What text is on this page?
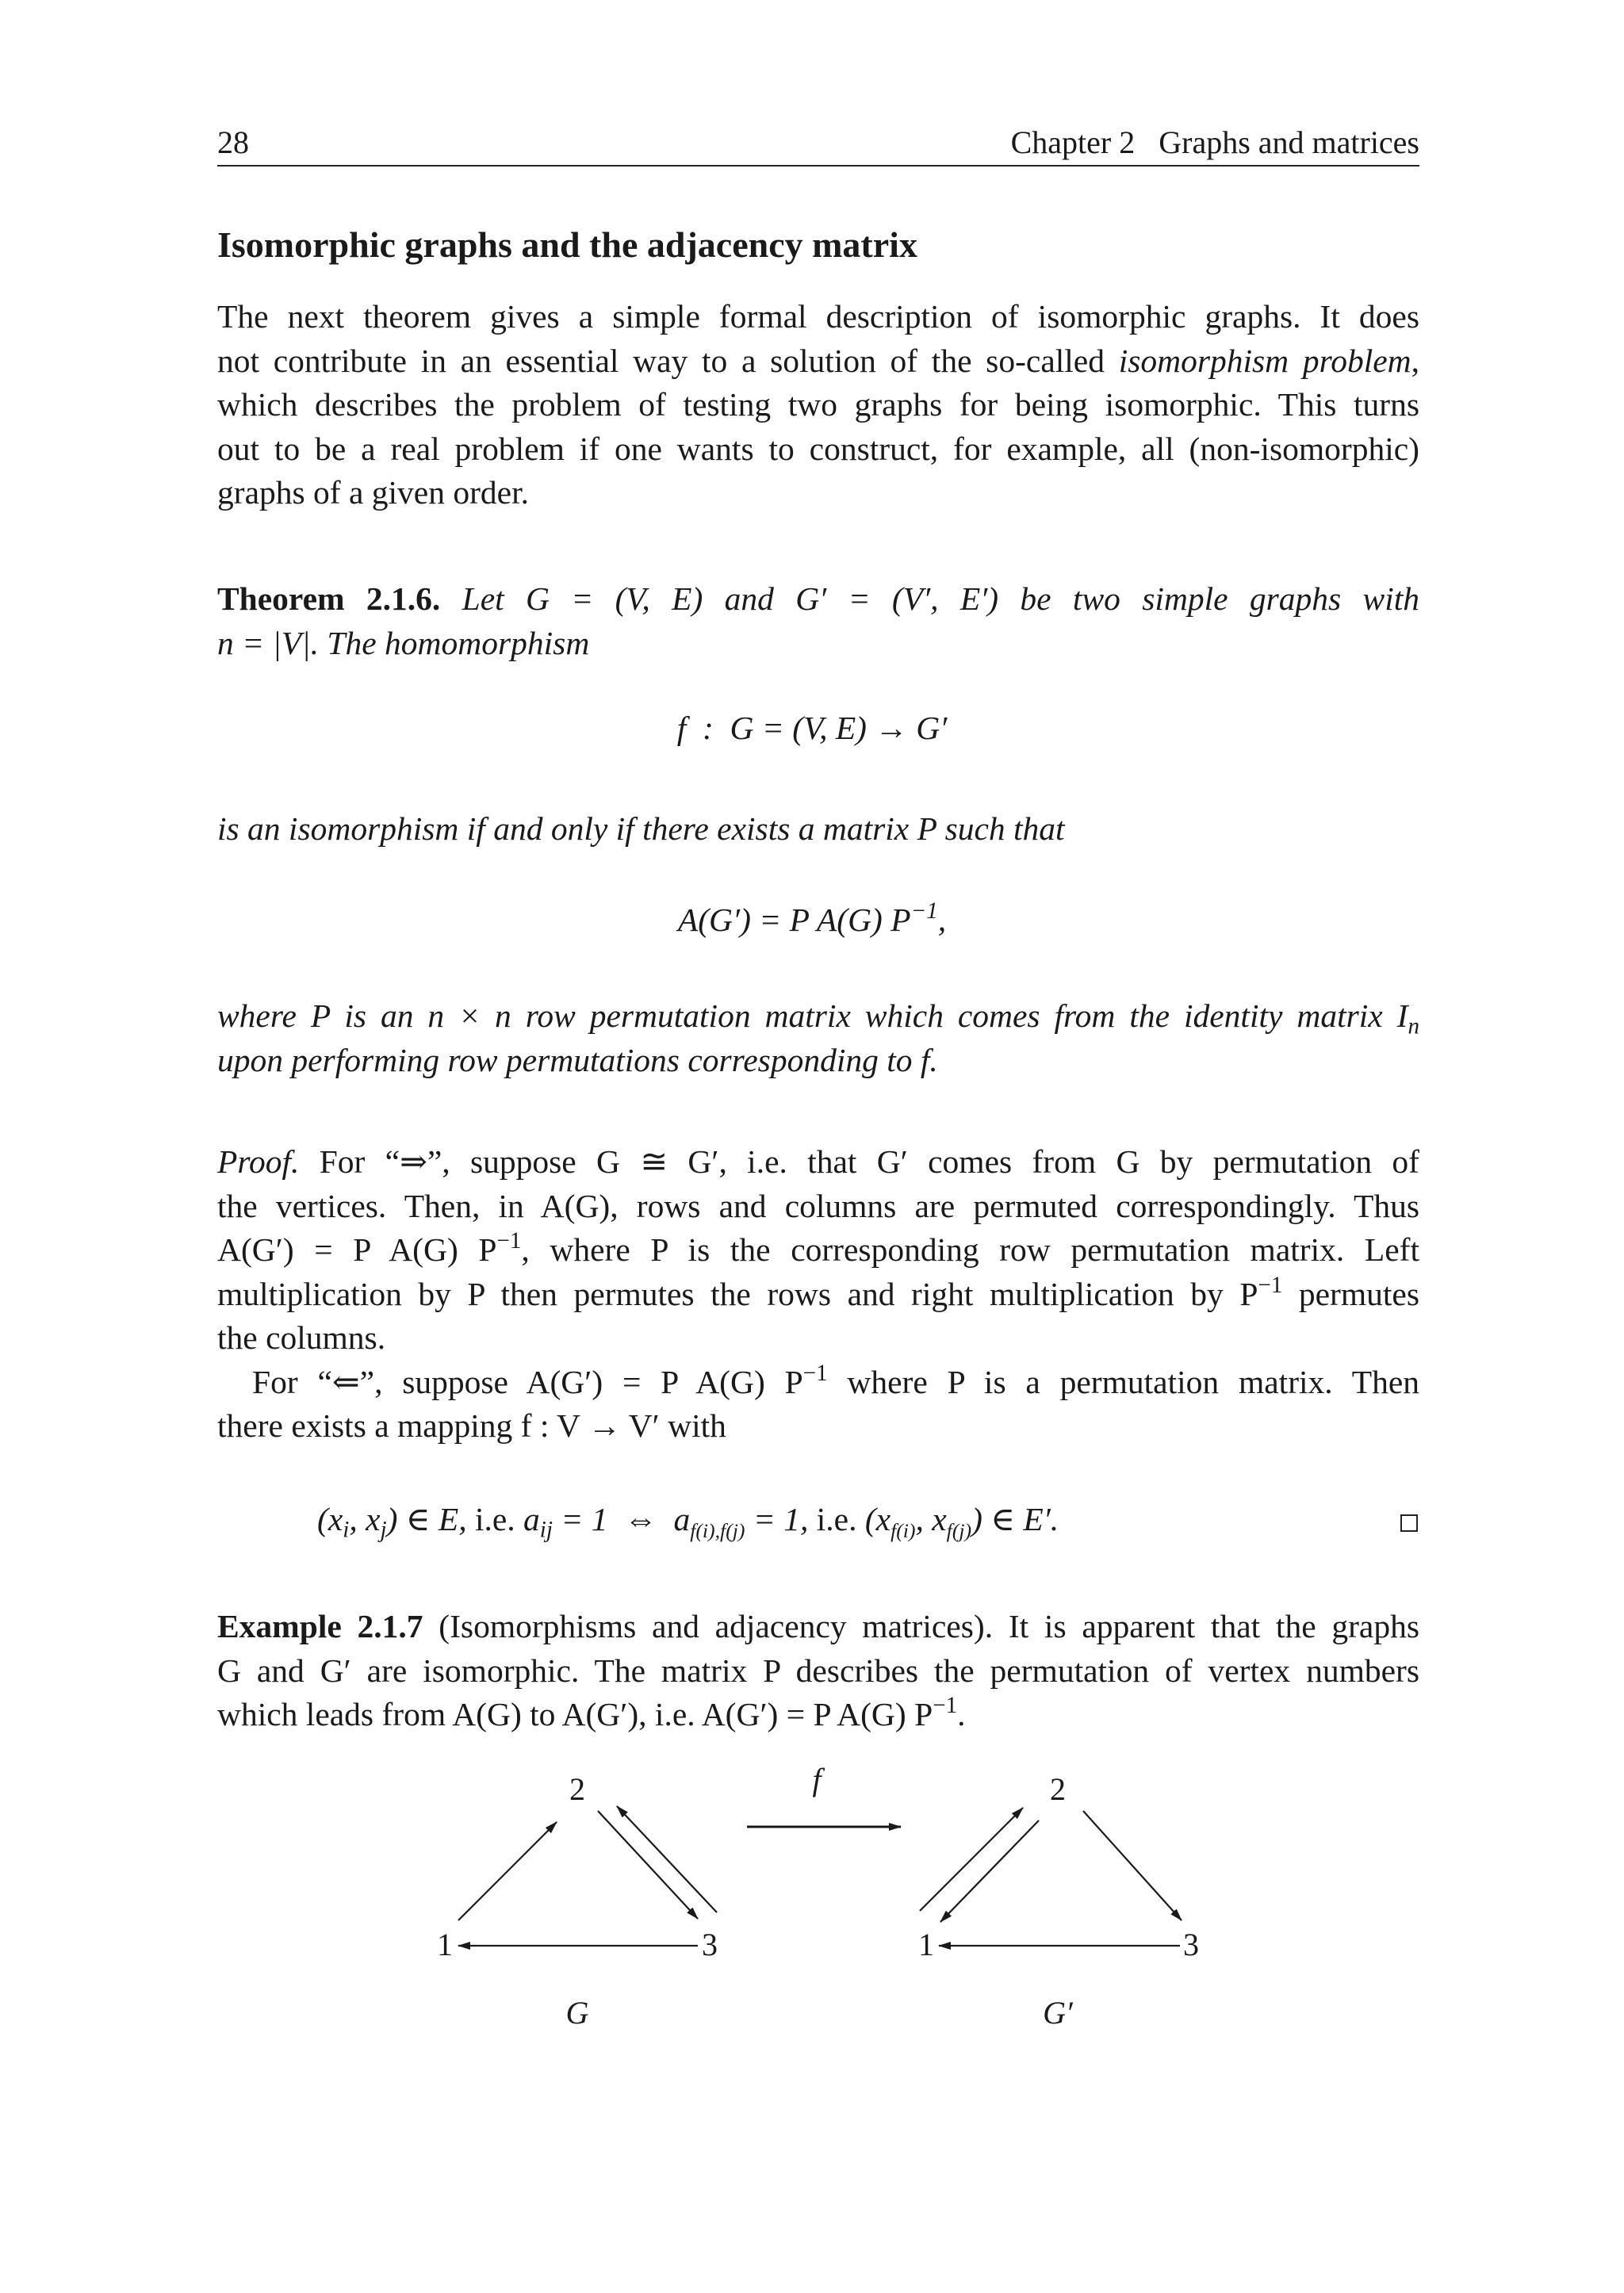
28	Chapter 2   Graphs and matrices
Isomorphic graphs and the adjacency matrix
The next theorem gives a simple formal description of isomorphic graphs. It does
not contribute in an essential way to a solution of the so-called isomorphism problem,
which describes the problem of testing two graphs for being isomorphic. This turns
out to be a real problem if one wants to construct, for example, all (non-isomorphic)
graphs of a given order.
Theorem 2.1.6. Let G = (V, E) and G′ = (V′, E′) be two simple graphs with
n = |V|. The homomorphism
f  :  G = (V, E) → G′
is an isomorphism if and only if there exists a matrix P such that
A(G′) = P A(G) $P^{-1}$,
where P is an n × n row permutation matrix which comes from the identity matrix $I_n$
upon performing row permutations corresponding to f.
Proof. For “⇒”, suppose G ≅ G′, i.e. that G′ comes from G by permutation of
the vertices. Then, in A(G), rows and columns are permuted correspondingly. Thus
A(G′) = P A(G) $P^{-1}$, where P is the corresponding row permutation matrix. Left
multiplication by P then permutes the rows and right multiplication by $P^{-1}$ permutes
the columns.
For “⇐”, suppose A(G′) = P A(G) $P^{-1}$ where P is a permutation matrix. Then
there exists a mapping f : V → V′ with
($x_i$, $x_j$) ∈ E, i.e. $a_{ij} = 1$  ⇔  $a_{f(i),f(j)} = 1$, i.e. ($x_{f(i)}$, $x_{f(j)}$) ∈ E′.
Example 2.1.7 (Isomorphisms and adjacency matrices). It is apparent that the graphs
G and G′ are isomorphic. The matrix P describes the permutation of vertex numbers
which leads from A(G) to A(G′), i.e. A(G′) = P A(G) $P^{-1}$.
2
1	3
G
f	2
1	3
G′
